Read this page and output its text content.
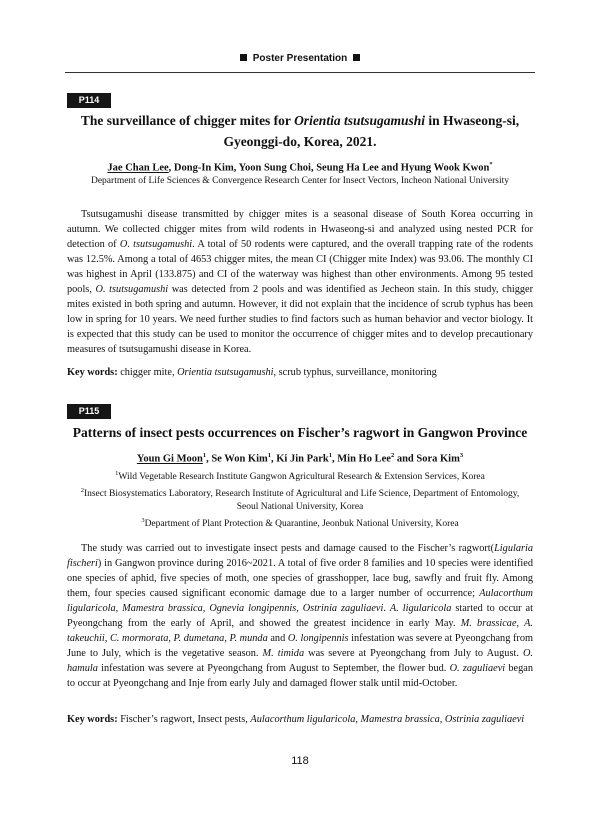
Poster Presentation
P114
The surveillance of chigger mites for Orientia tsutsugamushi in Hwaseong-si,
Gyeonggi-do, Korea, 2021.
Jae Chan Lee, Dong-In Kim, Yoon Sung Choi, Seung Ha Lee and Hyung Wook Kwon*
Department of Life Sciences & Convergence Research Center for Insect Vectors, Incheon National University
Tsutsugamushi disease transmitted by chigger mites is a seasonal disease of South Korea occurring in autumn. We collected chigger mites from wild rodents in Hwaseong-si and analyzed using nested PCR for detection of O. tsutsugamushi. A total of 50 rodents were captured, and the overall trapping rate of the rodents was 12.5%. Among a total of 4653 chigger mites, the mean CI (Chigger mite Index) was 93.06. The monthly CI was highest in April (133.875) and CI of the waterway was highest than other environments. Among 95 tested pools, O. tsutsugamushi was detected from 2 pools and was identified as Jecheon stain. In this study, chigger mites existed in both spring and autumn. However, it did not explain that the incidence of scrub typhus has been low in spring for 10 years. We need further studies to find factors such as human behavior and vector biology. It is expected that this study can be used to monitor the occurrence of chigger mites and to develop precautionary measures of tsutsugamushi disease in Korea.
Key words: chigger mite, Orientia tsutsugamushi, scrub typhus, surveillance, monitoring
P115
Patterns of insect pests occurrences on Fischer’s ragwort in Gangwon Province
Youn Gi Moon$^1$, Se Won Kim$^1$, Ki Jin Park$^1$, Min Ho Lee$^2$ and Sora Kim$^3$
$^1$Wild Vegetable Research Institute Gangwon Agricultural Research & Extension Services, Korea
$^2$Insect Biosystematics Laboratory, Research Institute of Agricultural and Life Science, Department of Entomology, Seoul National University, Korea
$^3$Department of Plant Protection & Quarantine, Jeonbuk National University, Korea
The study was carried out to investigate insect pests and damage caused to the Fischer’s ragwort(Ligularia fischeri) in Gangwon province during 2016~2021. A total of five order 8 families and 10 species were identified one species of aphid, five species of moth, one species of grasshopper, lace bug, sawfly and fruit fly. Among them, four species caused significant economic damage due to a larger number of occurrence; Aulacorthum ligularicola, Mamestra brassica, Ognevia longipennis, Ostrinia zaguliaevi. A. ligularicola started to occur at Pyeongchang from the early of April, and showed the greatest incidence in early May. M. brassicae, A. takeuchii, C. mormorata, P. dumetana, P. munda and O. longipennis infestation was severe at Pyeongchang from June to July, which is the vegetative season. M. timida was severe at Pyeongchang from July to August. O. hamula infestation was severe at Pyeongchang from August to September, the flower bud. O. zaguliaevi began to occur at Pyeongchang and Inje from early July and damaged flower stalk until mid-October.
Key words: Fischer’s ragwort, Insect pests, Aulacorthum ligularicola, Mamestra brassica, Ostrinia zaguliaevi
118
